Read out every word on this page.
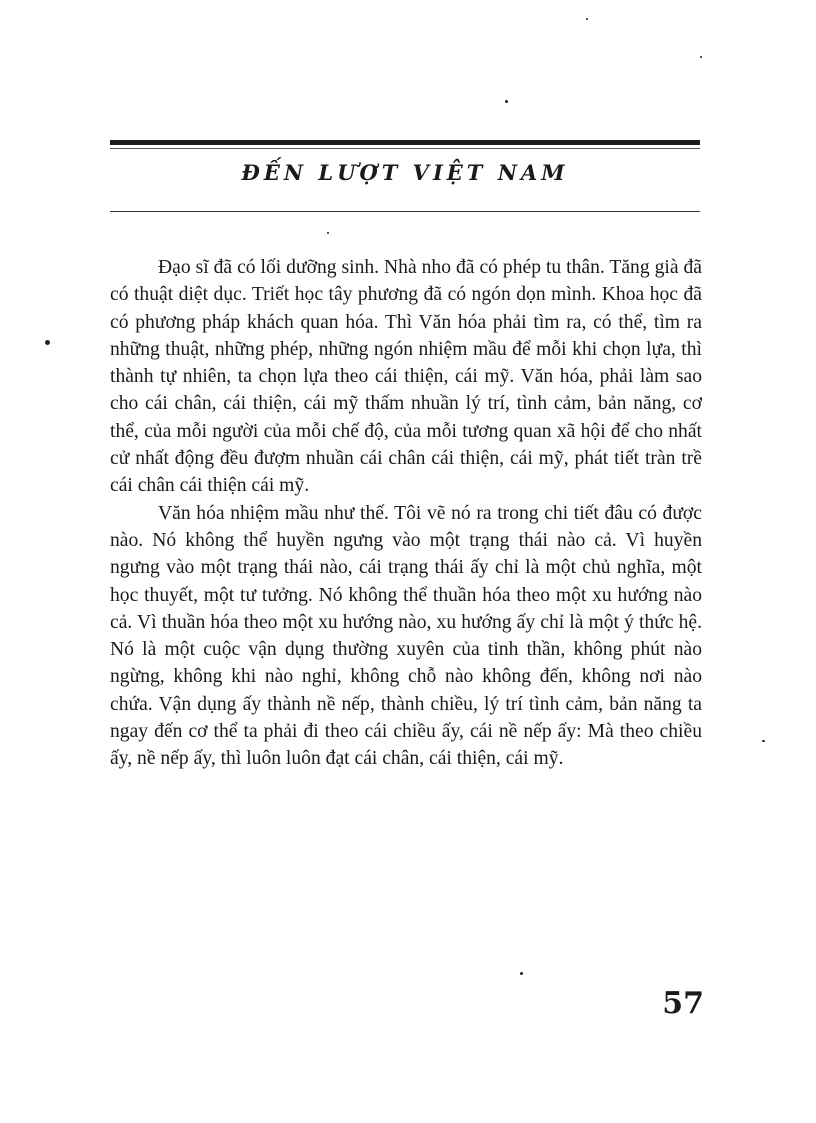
ĐẾN LƯỢT VIỆT NAM

Đạo sĩ đã có lối dưỡng sinh. Nhà nho đã có phép tu thân. Tăng già đã có thuật diệt dục. Triết học tây phương đã có ngón dọn mình. Khoa học đã có phương pháp khách quan hóa. Thì Văn hóa phải tìm ra, có thể, tìm ra những thuật, những phép, những ngón nhiệm mầu để mỗi khi chọn lựa, thì thành tự nhiên, ta chọn lựa theo cái thiện, cái mỹ. Văn hóa, phải làm sao cho cái chân, cái thiện, cái mỹ thấm nhuần lý trí, tình cảm, bản năng, cơ thể, của mỗi người của mỗi chế độ, của mỗi tương quan xã hội để cho nhất cử nhất động đều đượm nhuần cái chân cái thiện, cái mỹ, phát tiết tràn trề cái chân cái thiện cái mỹ.

Văn hóa nhiệm mầu như thế. Tôi vẽ nó ra trong chi tiết đâu có được nào. Nó không thể huyền ngưng vào một trạng thái nào cả. Vì huyền ngưng vào một trạng thái nào, cái trạng thái ấy chỉ là một chủ nghĩa, một học thuyết, một tư tưởng. Nó không thể thuần hóa theo một xu hướng nào cả. Vì thuần hóa theo một xu hướng nào, xu hướng ấy chỉ là một ý thức hệ. Nó là một cuộc vận dụng thường xuyên của tinh thần, không phút nào ngừng, không khi nào nghỉ, không chỗ nào không đến, không nơi nào chứa. Vận dụng ấy thành nề nếp, thành chiều, lý trí tình cảm, bản năng ta ngay đến cơ thể ta phải đi theo cái chiều ấy, cái nề nếp ấy: Mà theo chiều ấy, nề nếp ấy, thì luôn luôn đạt cái chân, cái thiện, cái mỹ.

57
